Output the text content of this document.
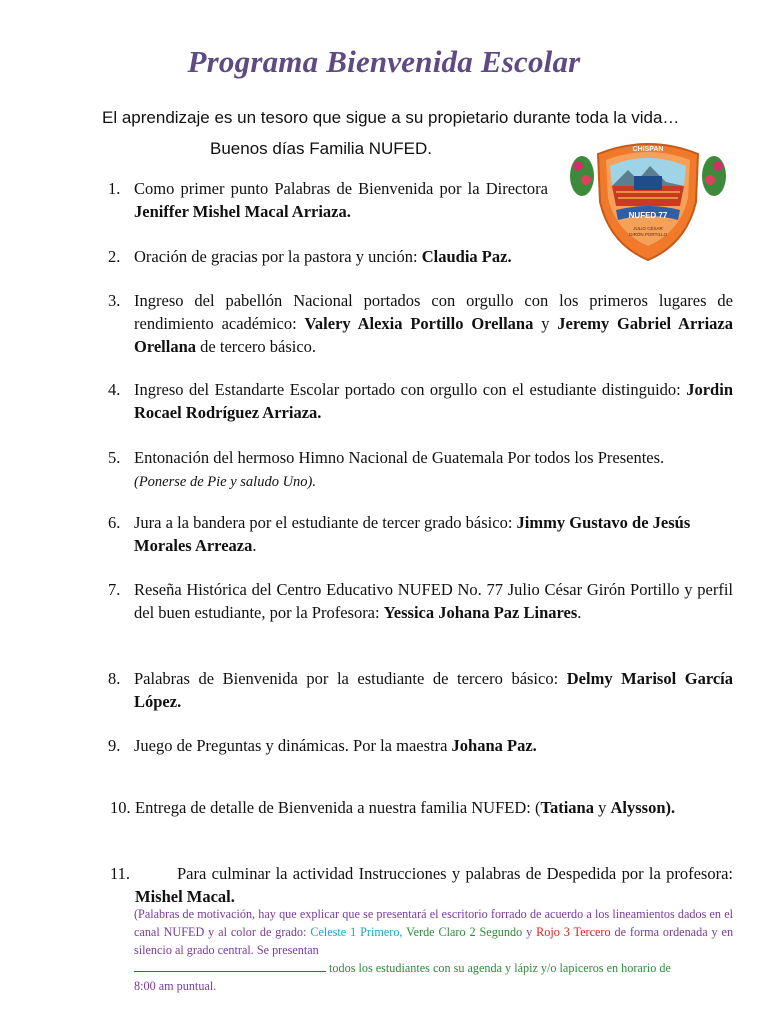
Programa Bienvenida Escolar
El aprendizaje es un tesoro que sigue a su propietario durante toda la vida…
Buenos días Familia NUFED.
NUFED 77
CHISPAN
JULIO CÉSAR
GIRÓN PORTILLO
1. Como primer punto Palabras de Bienvenida por la Directora Jeniffer Mishel Macal Arriaza.
2. Oración de gracias por la pastora y unción: Claudia Paz.
3. Ingreso del pabellón Nacional portados con orgullo con los primeros lugares de rendimiento académico: Valery Alexia Portillo Orellana y Jeremy Gabriel Arriaza Orellana de tercero básico.
4. Ingreso del Estandarte Escolar portado con orgullo con el estudiante distinguido: Jordin Rocael Rodríguez Arriaza.
5. Entonación del hermoso Himno Nacional de Guatemala Por todos los Presentes.
(Ponerse de Pie y saludo Uno).
6. Jura a la bandera por el estudiante de tercer grado básico: Jimmy Gustavo de Jesús Morales Arreaza.
7. Reseña Histórica del Centro Educativo NUFED No. 77 Julio César Girón Portillo y perfil del buen estudiante, por la Profesora: Yessica Johana Paz Linares.
8. Palabras de Bienvenida por la estudiante de tercero básico: Delmy Marisol García López.
9. Juego de Preguntas y dinámicas. Por la maestra Johana Paz.
10. Entrega de detalle de Bienvenida a nuestra familia NUFED: (Tatiana y Alysson).
11.	Para culminar la actividad Instrucciones y palabras de Despedida por la profesora: Mishel Macal.
(Palabras de motivación, hay que explicar que se presentará el escritorio forrado de acuerdo a los lineamientos dados en el canal NUFED y al color de grado: Celeste 1 Primero, Verde Claro 2 Segundo y Rojo 3 Tercero de forma ordenada y en silencio al grado central. Se presentan
todos los estudiantes con su agenda y lápiz y/o lapiceros en horario de
8:00 am puntual.
